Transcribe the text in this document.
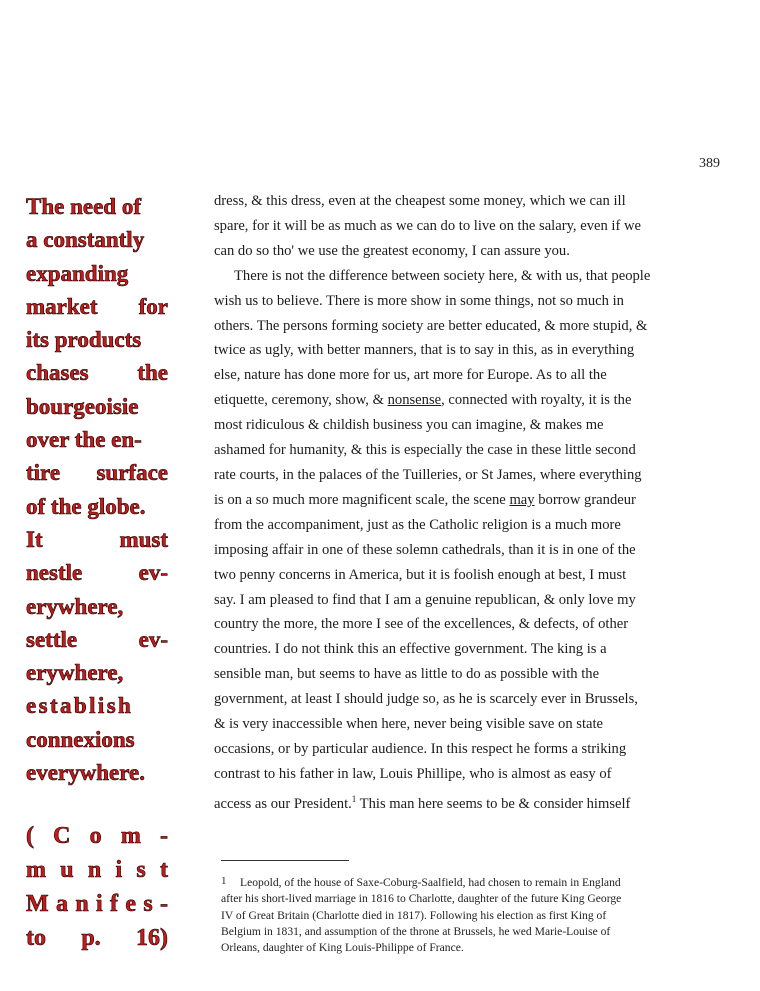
389
The need of
a constantly
expanding
market for
its products
chases the
bourgeoisie
over the en-
tire surface
of the globe.
It	must
nestle ev-
erywhere,
settle	ev-
erywhere,
establish
connexions
everywhere.
( C o m -
m u n i s t
M a n i f e s -
to p. 16)
dress, & this dress, even at the cheapest some money, which we can ill
spare, for it will be as much as we can do to live on the salary, even if we
can do so tho' we use the greatest economy, I can assure you.
There is not the difference between society here, & with us, that people
wish us to believe. There is more show in some things, not so much in
others. The persons forming society are better educated, & more stupid, &
twice as ugly, with better manners, that is to say in this, as in everything
else, nature has done more for us, art more for Europe. As to all the
etiquette, ceremony, show, & nonsense, connected with royalty, it is the
most ridiculous & childish business you can imagine, & makes me
ashamed for humanity, & this is especially the case in these little second
rate courts, in the palaces of the Tuilleries, or St James, where everything
is on a so much more magnificent scale, the scene may borrow grandeur
from the accompaniment, just as the Catholic religion is a much more
imposing affair in one of these solemn cathedrals, than it is in one of the
two penny concerns in America, but it is foolish enough at best, I must
say. I am pleased to find that I am a genuine republican, & only love my
country the more, the more I see of the excellences, & defects, of other
countries. I do not think this an effective government. The king is a
sensible man, but seems to have as little to do as possible with the
government, at least I should judge so, as he is scarcely ever in Brussels,
& is very inaccessible when here, never being visible save on state
occasions, or by particular audience. In this respect he forms a striking
contrast to his father in law, Louis Phillipe, who is almost as easy of
access as our President.$^1$ This man here seems to be & consider himself
1 Leopold, of the house of Saxe-Coburg-Saalfield, had chosen to remain in England
after his short-lived marriage in 1816 to Charlotte, daughter of the future King George
IV of Great Britain (Charlotte died in 1817). Following his election as first King of
Belgium in 1831, and assumption of the throne at Brussels, he wed Marie-Louise of
Orleans, daughter of King Louis-Philippe of France.
